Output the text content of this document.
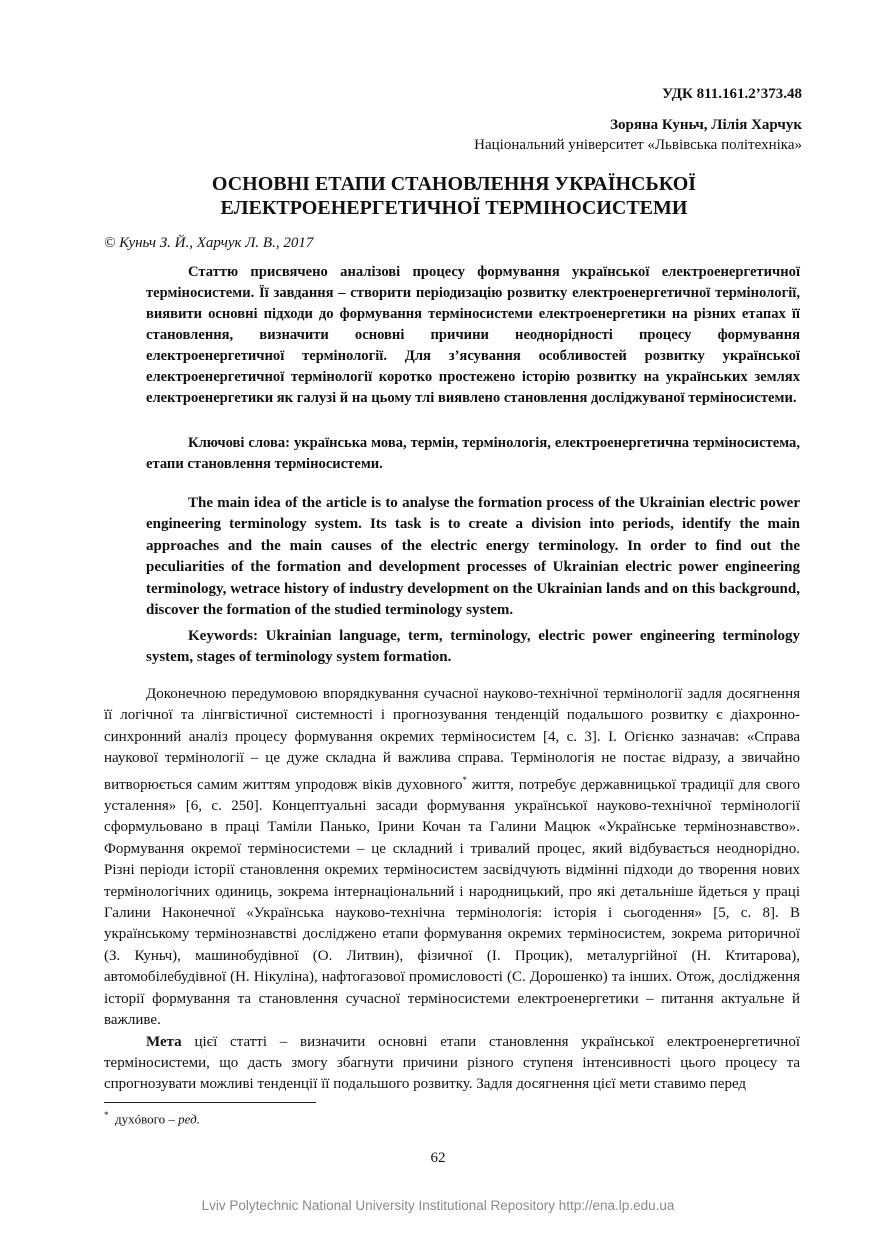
УДК 811.161.2’373.48
Зоряна Куньч, Лілія Харчук
Національний університет «Львівська політехніка»
ОСНОВНІ ЕТАПИ СТАНОВЛЕННЯ УКРАЇНСЬКОЇ
ЕЛЕКТРОЕНЕРГЕТИЧНОЇ ТЕРМІНОСИСТЕМИ
© Куньч З. Й., Харчук Л. В., 2017
Статтю присвячено аналізові процесу формування української електроенергетичної терміносистеми. Її завдання – створити періодизацію розвитку електроенергетичної термінології, виявити основні підходи до формування терміносистеми електроенергетики на різних етапах її становлення, визначити основні причини неоднорідності процесу формування електроенергетичної термінології. Для з’ясування особливостей розвитку української електроенергетичної термінології коротко простежено історію розвитку на українських землях електроенергетики як галузі й на цьому тлі виявлено становлення досліджуваної терміносистеми.
Ключові слова: українська мова, термін, термінологія, електроенергетична терміносистема, етапи становлення терміносистеми.
The main idea of the article is to analyse the formation process of the Ukrainian electric power engineering terminology system. Its task is to create a division into periods, identify the main approaches and the main causes of the electric energy terminology. In order to find out the peculiarities of the formation and development processes of Ukrainian electric power engineering terminology, wetrace history of industry development on the Ukrainian lands and on this background, discover the formation of the studied terminology system.
Keywords: Ukrainian language, term, terminology, electric power engineering terminology system, stages of terminology system formation.

Доконечною передумовою впорядкування сучасної науково-технічної термінології задля досягнення її логічної та лінгвістичної системності і прогнозування тенденцій подальшого розвитку є діахронно-синхронний аналіз процесу формування окремих терміносистем [4, с. 3]. І. Огієнко зазначав: «Справа наукової термінології – це дуже складна й важлива справа. Термінологія не постає відразу, а звичайно витворюється самим життям упродовж віків духовного* життя, потребує державницької традиції для свого усталення» [6, с. 250]. Концептуальні засади формування української науково-технічної термінології сформульовано в праці Таміли Панько, Ірини Кочан та Галини Мацюк «Українське термінознавство». Формування окремої терміносистеми – це складний і тривалий процес, який відбувається неоднорідно. Різні періоди історії становлення окремих терміносистем засвідчують відмінні підходи до творення нових термінологічних одиниць, зокрема інтернаціональний і народницький, про які детальніше йдеться у праці Галини Наконечної «Українська науково-технічна термінологія: історія і сьогодення» [5, с. 8]. В українському термінознавстві досліджено етапи формування окремих терміносистем, зокрема риторичної (З. Куньч), машинобудівної (О. Литвин), фізичної (І. Процик), металургійної (Н. Ктитарова), автомобілебудівної (Н. Нікуліна), нафтогазової промисловості (С. Дорошенко) та інших. Отож, дослідження історії формування та становлення сучасної терміносистеми електроенергетики – питання актуальне й важливе.

Мета цієї статті – визначити основні етапи становлення української електроенергетичної терміносистеми, що дасть змогу збагнути причини різного ступеня інтенсивності цього процесу та спрогнозувати можливі тенденції її подальшого розвитку. Задля досягнення цієї мети ставимо перед

* духóвого – ред.
62
Lviv Polytechnic National University Institutional Repository http://ena.lp.edu.ua
